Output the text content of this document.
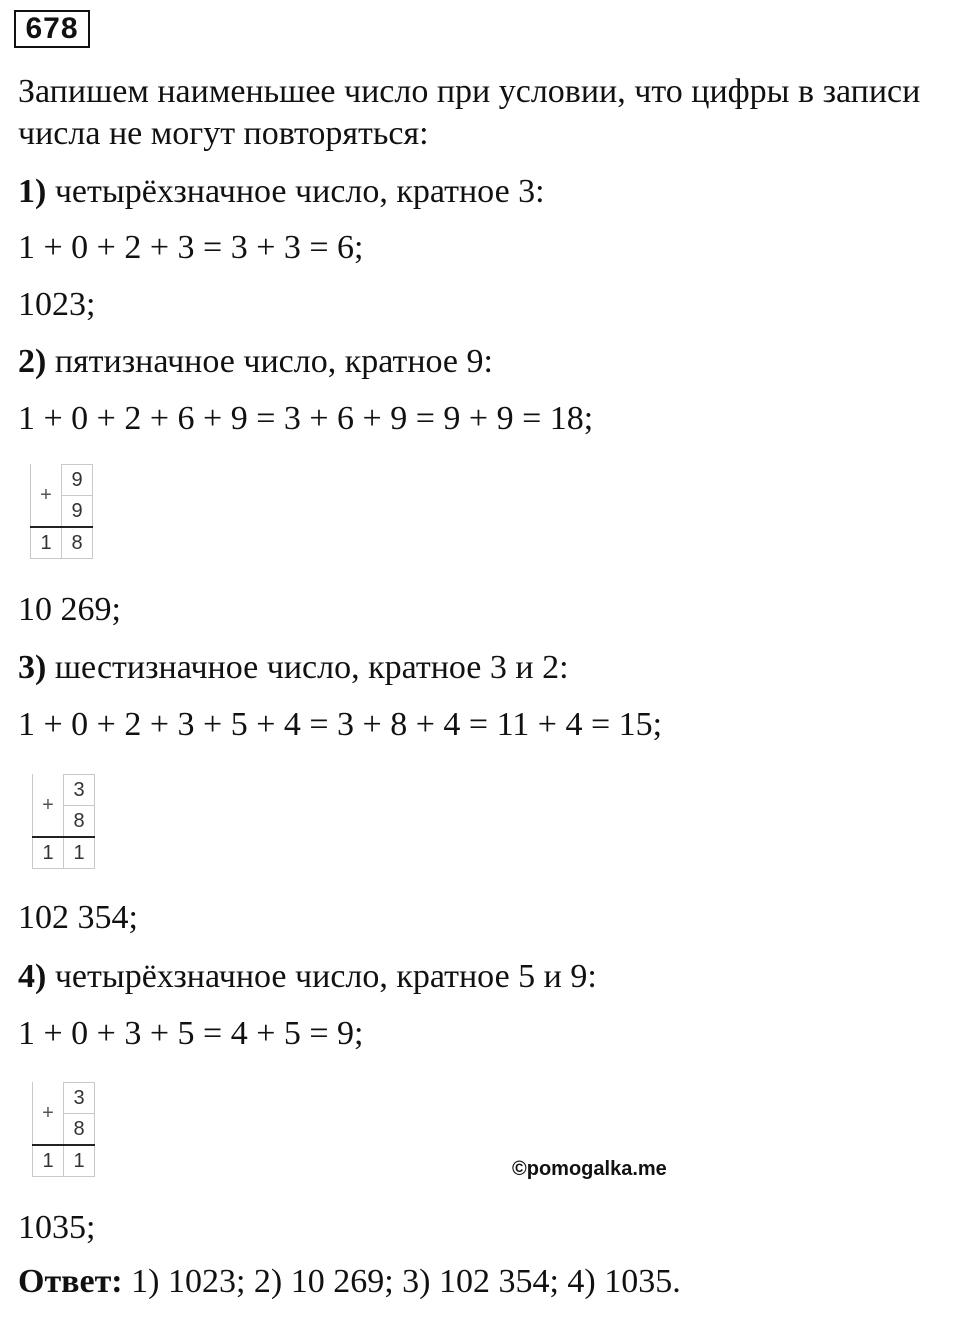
678
Запишем наименьшее число при условии, что цифры в записи
числа не могут повторяться:
1) четырёхзначное число, кратное 3:
1 + 0 + 2 + 3 = 3 + 3 = 6;
1023;
2) пятизначное число, кратное 9:
1 + 0 + 2 + 6 + 9 = 3 + 6 + 9 = 9 + 9 = 18;
+	9
	9
1	8
10 269;
3) шестизначное число, кратное 3 и 2:
1 + 0 + 2 + 3 + 5 + 4 = 3 + 8 + 4 = 11 + 4 = 15;
+	3
	8
1	1
102 354;
4) четырёхзначное число, кратное 5 и 9:
1 + 0 + 3 + 5 = 4 + 5 = 9;
+	3
	8
1	1	©pomogalka.me
1035;
Ответ: 1) 1023; 2) 10 269; 3) 102 354; 4) 1035.
